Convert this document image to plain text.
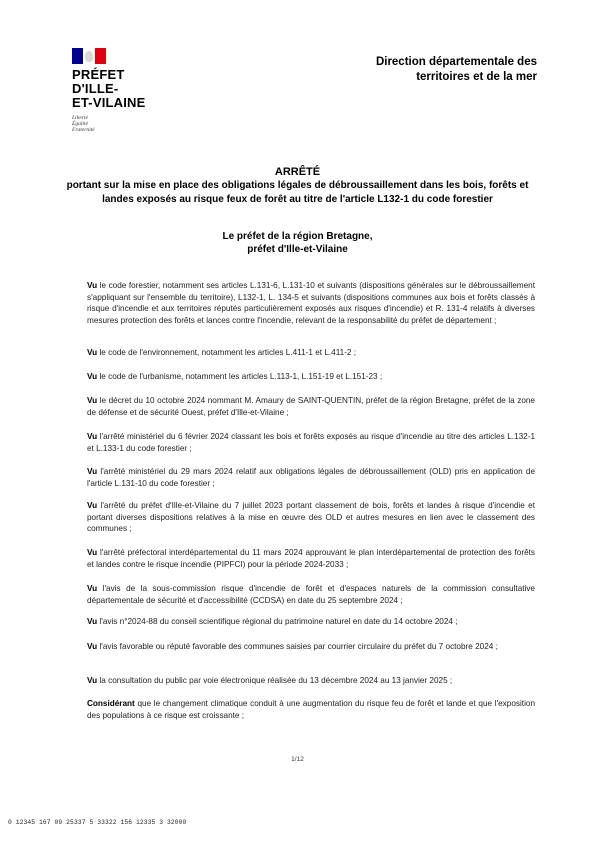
PRÉFET
D'ILLE-
ET-VILAINE
Liberté
Égalité
Fraternité
Direction départementale des
territoires et de la mer
ARRÊTÉ
portant sur la mise en place des obligations légales de débroussaillement dans les bois, forêts et landes exposés au risque feux de forêt au titre de l'article L132-1 du code forestier
Le préfet de la région Bretagne,
préfet d'Ille-et-Vilaine
Vu le code forestier, notamment ses articles L.131-6, L.131-10 et suivants (dispositions générales sur le débroussaillement s'appliquant sur l'ensemble du territoire), L132-1, L. 134-5 et suivants (dispositions communes aux bois et forêts classés à risque d'incendie et aux territoires réputés particulièrement exposés aux risques d'incendie) et R. 131-4 relatifs à diverses mesures protection des forêts et lances contre l'incendie, relevant de la responsabilité du préfet de département ;
Vu le code de l'environnement, notamment les articles L.411-1 et L.411-2 ;
Vu le code de l'urbanisme, notamment les articles L.113-1, L.151-19 et L.151-23 ;
Vu le décret du 10 octobre 2024 nommant M. Amaury de SAINT-QUENTIN, préfet de la région Bretagne, préfet de la zone de défense et de sécurité Ouest, préfet d'Ille-et-Vilaine ;
Vu l'arrêté ministériel du 6 février 2024 classant les bois et forêts exposés au risque d'incendie au titre des articles L.132-1 et L.133-1 du code forestier ;
Vu l'arrêté ministériel du 29 mars 2024 relatif aux obligations légales de débroussaillement (OLD) pris en application de l'article L.131-10 du code forestier ;
Vu l'arrêté du préfet d'Ille-et-Vilaine du 7 juillet 2023 portant classement de bois, forêts et landes à risque d'incendie et portant diverses dispositions relatives à la mise en œuvre des OLD et autres mesures en lien avec le classement des communes ;
Vu l'arrêté préfectoral interdépartemental du 11 mars 2024 approuvant le plan interdépartemental de protection des forêts et landes contre le risque incendie (PIPFCI) pour la période 2024-2033 ;
Vu l'avis de la sous-commission risque d'incendie de forêt et d'espaces naturels de la commission consultative départementale de sécurité et d'accessibilité (CCDSA) en date du 25 septembre 2024 ;
Vu l'avis n°2024-88 du conseil scientifique régional du patrimoine naturel en date du 14 octobre 2024 ;
Vu l'avis favorable ou réputé favorable des communes saisies par courrier circulaire du préfet du 7 octobre 2024 ;
Vu la consultation du public par voie électronique réalisée du 13 décembre 2024 au 13 janvier 2025 ;
Considérant que le changement climatique conduit à une augmentation du risque feu de forêt et lande et que l'exposition des populations à ce risque est croissante ;
1/12
0 12345 167 09 25337 5 33322 156 12335 3 32000
